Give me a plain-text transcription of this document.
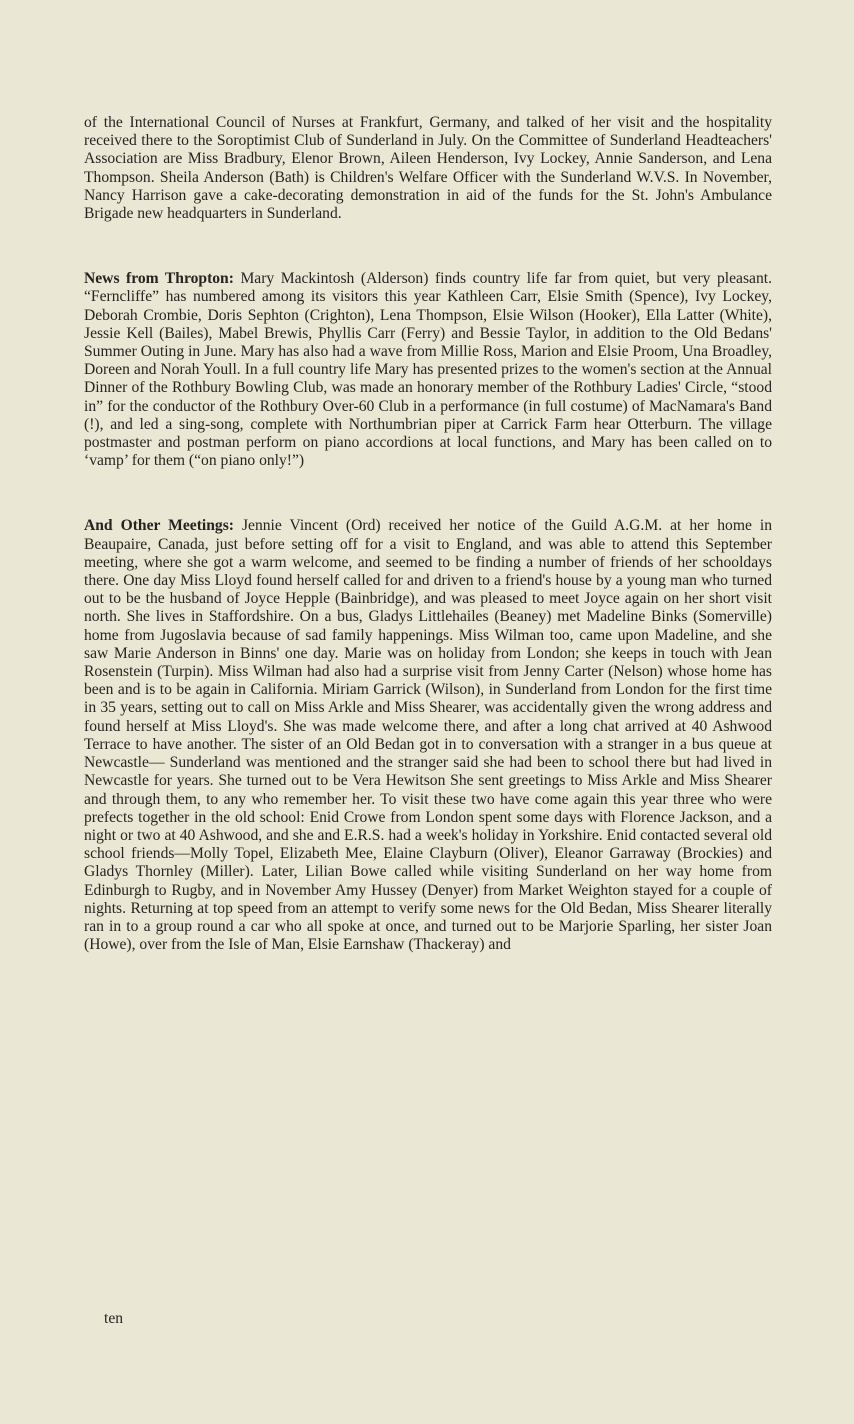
of the International Council of Nurses at Frankfurt, Germany, and talked of her visit and the hospitality received there to the Soroptimist Club of Sunderland in July. On the Committee of Sunderland Headteachers' Association are Miss Bradbury, Elenor Brown, Aileen Henderson, Ivy Lockey, Annie Sanderson, and Lena Thompson. Sheila Anderson (Bath) is Children's Welfare Officer with the Sunderland W.V.S. In November, Nancy Harrison gave a cake-decorating demonstration in aid of the funds for the St. John's Ambulance Brigade new headquarters in Sunderland.

News from Thropton: Mary Mackintosh (Alderson) finds country life far from quiet, but very pleasant. “Ferncliffe” has numbered among its visitors this year Kathleen Carr, Elsie Smith (Spence), Ivy Lockey, Deborah Crombie, Doris Sephton (Crighton), Lena Thompson, Elsie Wilson (Hooker), Ella Latter (White), Jessie Kell (Bailes), Mabel Brewis, Phyllis Carr (Ferry) and Bessie Taylor, in addition to the Old Bedans' Summer Outing in June. Mary has also had a wave from Millie Ross, Marion and Elsie Proom, Una Broadley, Doreen and Norah Youll. In a full country life Mary has presented prizes to the women's section at the Annual Dinner of the Rothbury Bowling Club, was made an honorary member of the Rothbury Ladies' Circle, “stood in” for the conductor of the Rothbury Over-60 Club in a performance (in full costume) of MacNamara's Band (!), and led a sing-song, complete with Northumbrian piper at Carrick Farm hear Otterburn. The village postmaster and postman perform on piano accordions at local functions, and Mary has been called on to ‘vamp’ for them (“on piano only!”)

And Other Meetings: Jennie Vincent (Ord) received her notice of the Guild A.G.M. at her home in Beaupaire, Canada, just before setting off for a visit to England, and was able to attend this September meeting, where she got a warm welcome, and seemed to be finding a number of friends of her schooldays there. One day Miss Lloyd found herself called for and driven to a friend's house by a young man who turned out to be the husband of Joyce Hepple (Bainbridge), and was pleased to meet Joyce again on her short visit north. She lives in Staffordshire. On a bus, Gladys Littlehailes (Beaney) met Madeline Binks (Somerville) home from Jugoslavia because of sad family happenings. Miss Wilman too, came upon Madeline, and she saw Marie Anderson in Binns' one day. Marie was on holiday from London; she keeps in touch with Jean Rosenstein (Turpin). Miss Wilman had also had a surprise visit from Jenny Carter (Nelson) whose home has been and is to be again in California. Miriam Garrick (Wilson), in Sunderland from London for the first time in 35 years, setting out to call on Miss Arkle and Miss Shearer, was accidentally given the wrong address and found herself at Miss Lloyd's. She was made welcome there, and after a long chat arrived at 40 Ashwood Terrace to have another. The sister of an Old Bedan got in to conversation with a stranger in a bus queue at Newcastle— Sunderland was mentioned and the stranger said she had been to school there but had lived in Newcastle for years. She turned out to be Vera Hewitson She sent greetings to Miss Arkle and Miss Shearer and through them, to any who remember her. To visit these two have come again this year three who were prefects together in the old school: Enid Crowe from London spent some days with Florence Jackson, and a night or two at 40 Ashwood, and she and E.R.S. had a week's holiday in Yorkshire. Enid contacted several old school friends—Molly Topel, Elizabeth Mee, Elaine Clayburn (Oliver), Eleanor Garraway (Brockies) and Gladys Thornley (Miller). Later, Lilian Bowe called while visiting Sunderland on her way home from Edinburgh to Rugby, and in November Amy Hussey (Denyer) from Market Weighton stayed for a couple of nights. Returning at top speed from an attempt to verify some news for the Old Bedan, Miss Shearer literally ran in to a group round a car who all spoke at once, and turned out to be Marjorie Sparling, her sister Joan (Howe), over from the Isle of Man, Elsie Earnshaw (Thackeray) and

ten
